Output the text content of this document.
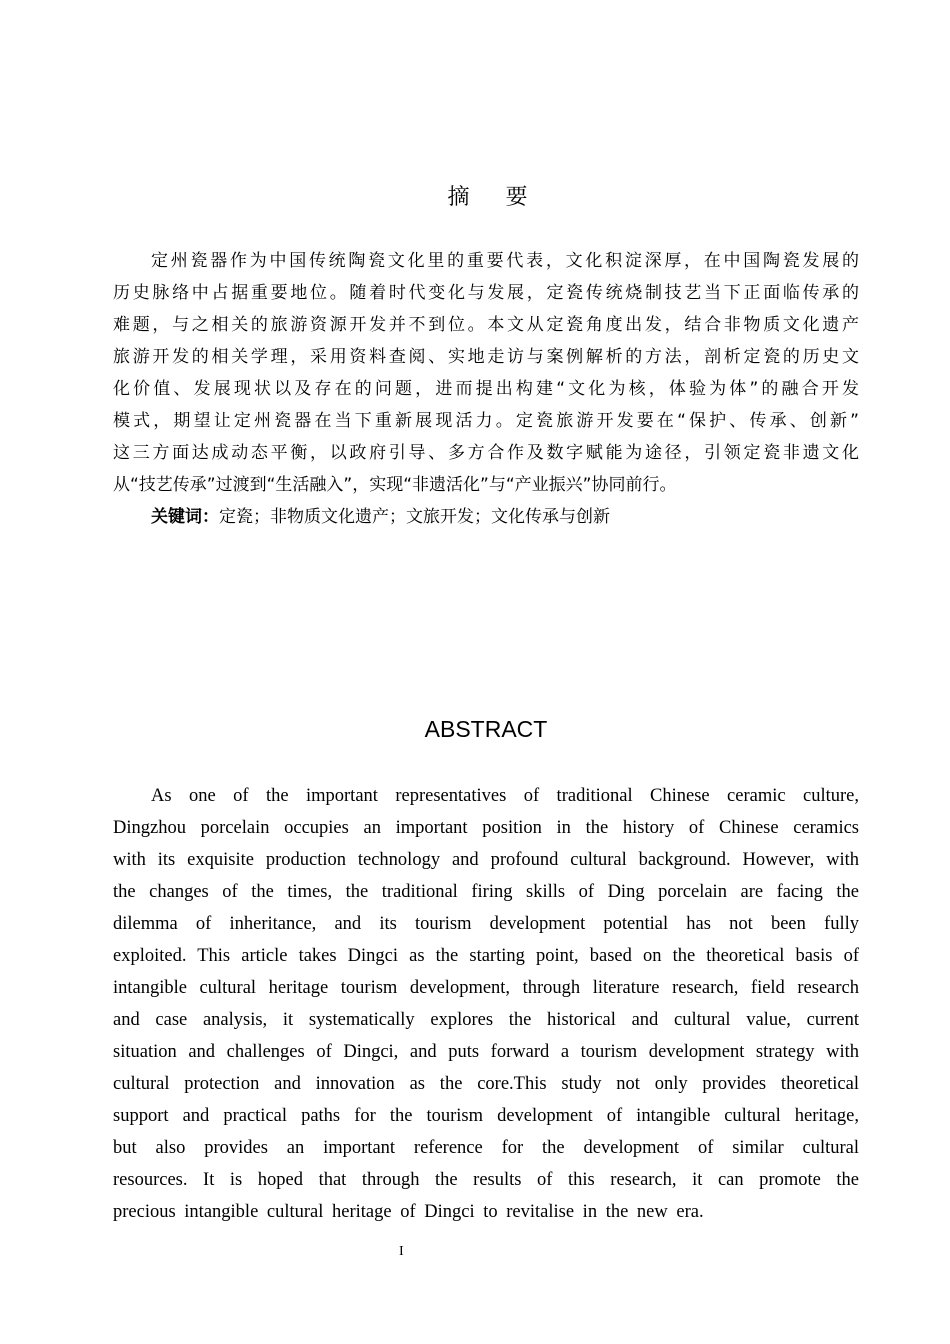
摘 要
定州瓷器作为中国传统陶瓷文化里的重要代表，文化积淀深厚，在中国陶瓷发展的
历史脉络中占据重要地位。随着时代变化与发展，定瓷传统烧制技艺当下正面临传承的
难题，与之相关的旅游资源开发并不到位。本文从定瓷角度出发，结合非物质文化遗产
旅游开发的相关学理，采用资料查阅、实地走访与案例解析的方法，剖析定瓷的历史文
化价值、发展现状以及存在的问题，进而提出构建“文化为核，体验为体”的融合开发
模式，期望让定州瓷器在当下重新展现活力。定瓷旅游开发要在“保护、传承、创新”
这三方面达成动态平衡，以政府引导、多方合作及数字赋能为途径，引领定瓷非遗文化
从“技艺传承”过渡到“生活融入”，实现“非遗活化”与“产业振兴”协同前行。
关键词：定瓷；非物质文化遗产；文旅开发；文化传承与创新
ABSTRACT
As one of the important representatives of traditional Chinese ceramic culture,
Dingzhou porcelain occupies an important position in the history of Chinese ceramics
with its exquisite production technology and profound cultural background. However, with
the changes of the times, the traditional firing skills of Ding porcelain are facing the
dilemma of inheritance, and its tourism development potential has not been fully
exploited. This article takes Dingci as the starting point, based on the theoretical basis of
intangible cultural heritage tourism development, through literature research, field research
and case analysis, it systematically explores the historical and cultural value, current
situation and challenges of Dingci, and puts forward a tourism development strategy with
cultural protection and innovation as the core.This study not only provides theoretical
support and practical paths for the tourism development of intangible cultural heritage,
but also provides an important reference for the development of similar cultural
resources. It is hoped that through the results of this research, it can promote the
precious intangible cultural heritage of Dingci to revitalise in the new era.
I
